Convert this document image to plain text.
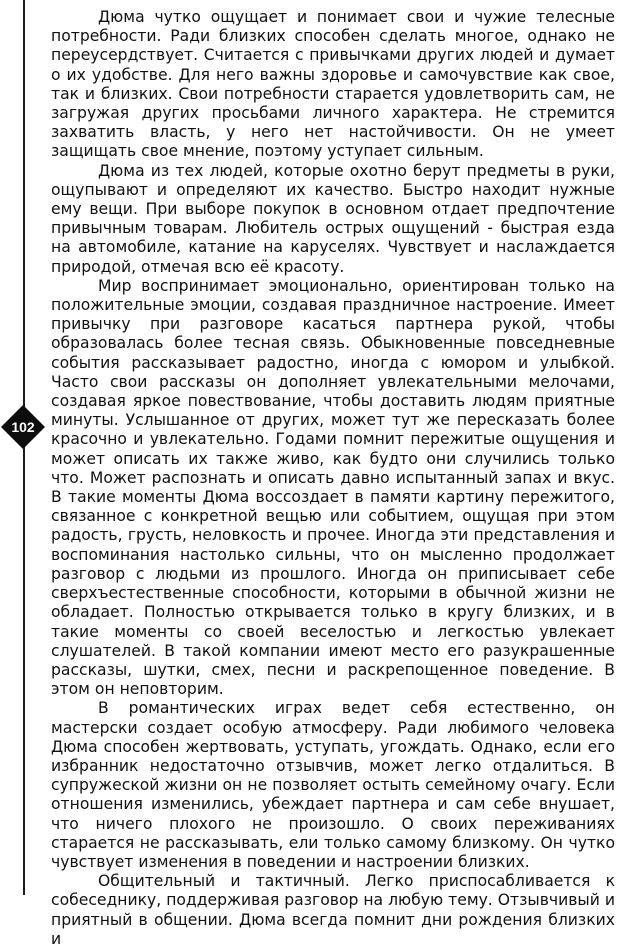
102

Дюма чутко ощущает и понимает свои и чужие телесные потребности. Ради близких способен сделать многое, однако не переусердствует. Считается с привычками других людей и думает о их удобстве. Для него важны здоровье и самочувствие как свое, так и близких. Свои потребности старается удовлетворить сам, не загружая других просьбами личного характера. Не стремится захватить власть, у него нет настойчивости. Он не умеет защищать свое мнение, поэтому уступает сильным.

Дюма из тех людей, которые охотно берут предметы в руки, ощупывают и определяют их качество. Быстро находит нужные ему вещи. При выборе покупок в основном отдает предпочтение привычным товарам. Любитель острых ощущений - быстрая езда на автомобиле, катание на каруселях. Чувствует и наслаждается природой, отмечая всю её красоту.

Мир воспринимает эмоционально, ориентирован только на положительные эмоции, создавая праздничное настроение. Имеет привычку при разговоре касаться партнера рукой, чтобы образовалась более тесная связь. Обыкновенные повседневные события рассказывает радостно, иногда с юмором и улыбкой. Часто свои рассказы он дополняет увлекательными мелочами, создавая яркое повествование, чтобы доставить людям приятные минуты. Услышанное от других, может тут же пересказать более красочно и увлекательно. Годами помнит пережитые ощущения и может описать их также живо, как будто они случились только что. Может распознать и описать давно испытанный запах и вкус. В такие моменты Дюма воссоздает в памяти картину пережитого, связанное с конкретной вещью или событием, ощущая при этом радость, грусть, неловкость и прочее. Иногда эти представления и воспоминания настолько сильны, что он мысленно продолжает разговор с людьми из прошлого. Иногда он приписывает себе сверхъестественные способности, которыми в обычной жизни не обладает. Полностью открывается только в кругу близких, и в такие моменты со своей веселостью и легкостью увлекает слушателей. В такой компании имеют место его разукрашенные рассказы, шутки, смех, песни и раскрепощенное поведение. В этом он неповторим.

В романтических играх ведет себя естественно, он мастерски создает особую атмосферу. Ради любимого человека Дюма способен жертвовать, уступать, угождать. Однако, если его избранник недостаточно отзывчив, может легко отдалиться. В супружеской жизни он не позволяет остыть семейному очагу. Если отношения изменились, убеждает партнера и сам себе внушает, что ничего плохого не произошло. О своих переживаниях старается не рассказывать, ели только самому близкому. Он чутко чувствует изменения в поведении и настроении близких.

Общительный и тактичный. Легко приспосабливается к собеседнику, поддерживая разговор на любую тему. Отзывчивый и приятный в общении. Дюма всегда помнит дни рождения близких и
